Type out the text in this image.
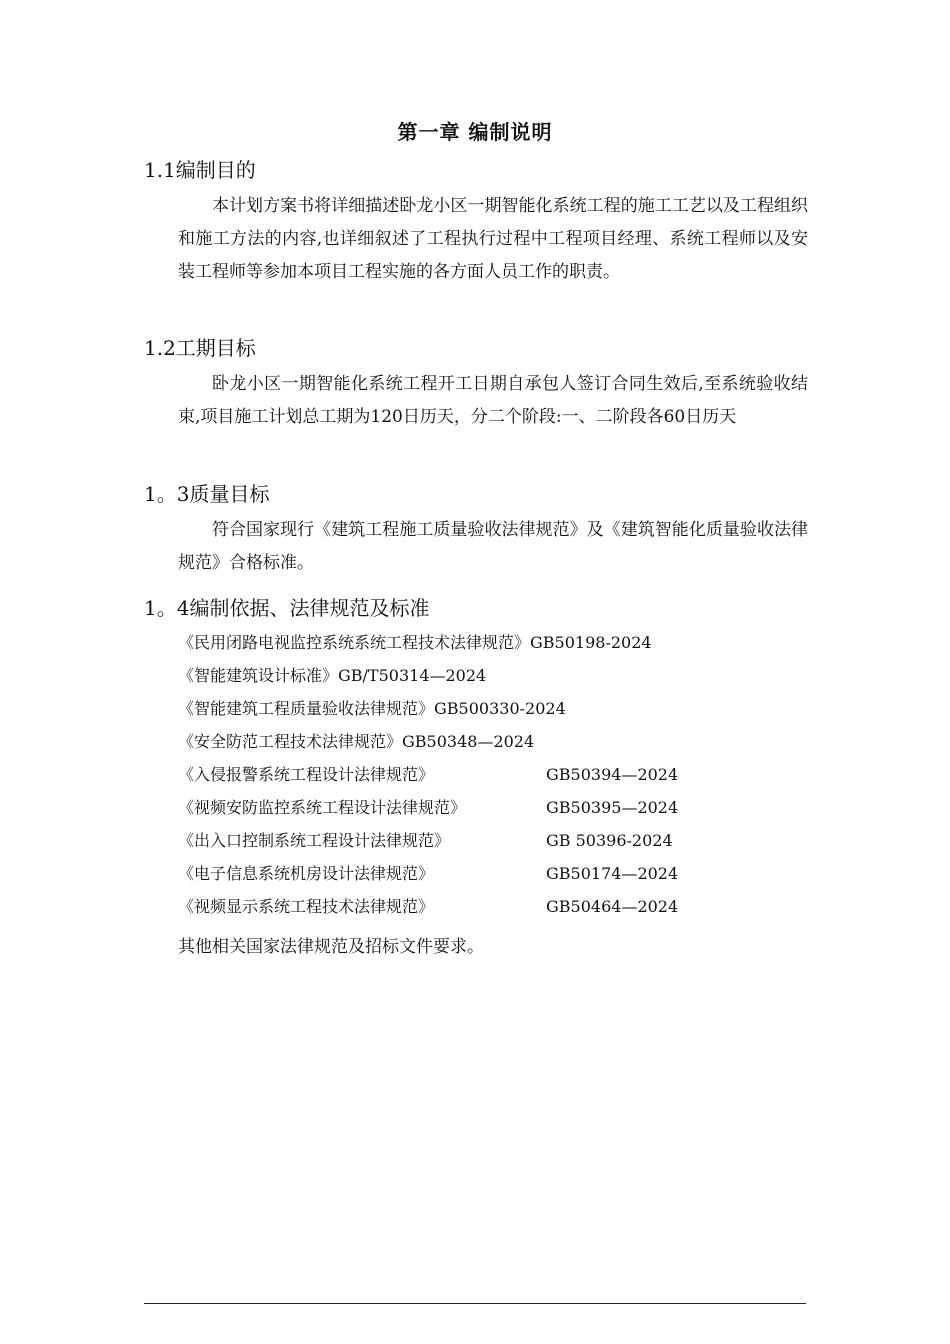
第一章 编制说明
1.1编制目的
本计划方案书将详细描述卧龙小区一期智能化系统工程的施工工艺以及工程组织和施工方法的内容,也详细叙述了工程执行过程中工程项目经理、系统工程师以及安装工程师等参加本项目工程实施的各方面人员工作的职责。
1.2工期目标
卧龙小区一期智能化系统工程开工日期自承包人签订合同生效后,至系统验收结束,项目施工计划总工期为120日历天，分二个阶段:一、二阶段各60日历天
1。3质量目标
符合国家现行《建筑工程施工质量验收法律规范》及《建筑智能化质量验收法律规范》合格标准。
1。4编制依据、法律规范及标准
《民用闭路电视监控系统系统工程技术法律规范》GB50198-2024
《智能建筑设计标准》GB/T50314—2024
《智能建筑工程质量验收法律规范》GB500330-2024
《安全防范工程技术法律规范》GB50348—2024
《入侵报警系统工程设计法律规范》	GB50394—2024
《视频安防监控系统工程设计法律规范》	GB50395—2024
《出入口控制系统工程设计法律规范》	GB 50396-2024
《电子信息系统机房设计法律规范》	GB50174—2024
《视频显示系统工程技术法律规范》	GB50464—2024
其他相关国家法律规范及招标文件要求。
